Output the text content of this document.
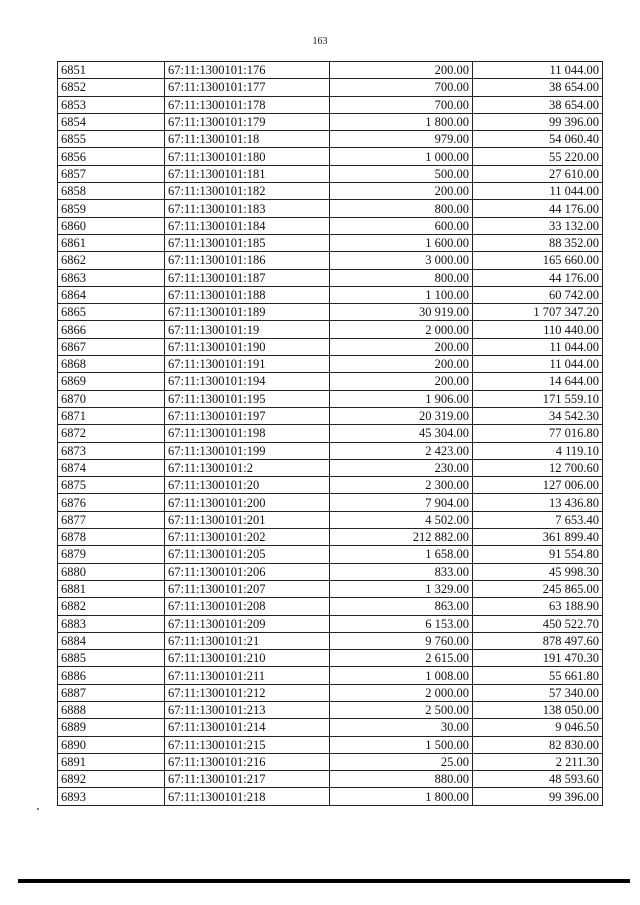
163
6851	67:11:1300101:176	200.00	11 044.00
6852	67:11:1300101:177	700.00	38 654.00
6853	67:11:1300101:178	700.00	38 654.00
6854	67:11:1300101:179	1 800.00	99 396.00
6855	67:11:1300101:18	979.00	54 060.40
6856	67:11:1300101:180	1 000.00	55 220.00
6857	67:11:1300101:181	500.00	27 610.00
6858	67:11:1300101:182	200.00	11 044.00
6859	67:11:1300101:183	800.00	44 176.00
6860	67:11:1300101:184	600.00	33 132.00
6861	67:11:1300101:185	1 600.00	88 352.00
6862	67:11:1300101:186	3 000.00	165 660.00
6863	67:11:1300101:187	800.00	44 176.00
6864	67:11:1300101:188	1 100.00	60 742.00
6865	67:11:1300101:189	30 919.00	1 707 347.20
6866	67:11:1300101:19	2 000.00	110 440.00
6867	67:11:1300101:190	200.00	11 044.00
6868	67:11:1300101:191	200.00	11 044.00
6869	67:11:1300101:194	200.00	14 644.00
6870	67:11:1300101:195	1 906.00	171 559.10
6871	67:11:1300101:197	20 319.00	34 542.30
6872	67:11:1300101:198	45 304.00	77 016.80
6873	67:11:1300101:199	2 423.00	4 119.10
6874	67:11:1300101:2	230.00	12 700.60
6875	67:11:1300101:20	2 300.00	127 006.00
6876	67:11:1300101:200	7 904.00	13 436.80
6877	67:11:1300101:201	4 502.00	7 653.40
6878	67:11:1300101:202	212 882.00	361 899.40
6879	67:11:1300101:205	1 658.00	91 554.80
6880	67:11:1300101:206	833.00	45 998.30
6881	67:11:1300101:207	1 329.00	245 865.00
6882	67:11:1300101:208	863.00	63 188.90
6883	67:11:1300101:209	6 153.00	450 522.70
6884	67:11:1300101:21	9 760.00	878 497.60
6885	67:11:1300101:210	2 615.00	191 470.30
6886	67:11:1300101:211	1 008.00	55 661.80
6887	67:11:1300101:212	2 000.00	57 340.00
6888	67:11:1300101:213	2 500.00	138 050.00
6889	67:11:1300101:214	30.00	9 046.50
6890	67:11:1300101:215	1 500.00	82 830.00
6891	67:11:1300101:216	25.00	2 211.30
6892	67:11:1300101:217	880.00	48 593.60
6893	67:11:1300101:218	1 800.00	99 396.00
